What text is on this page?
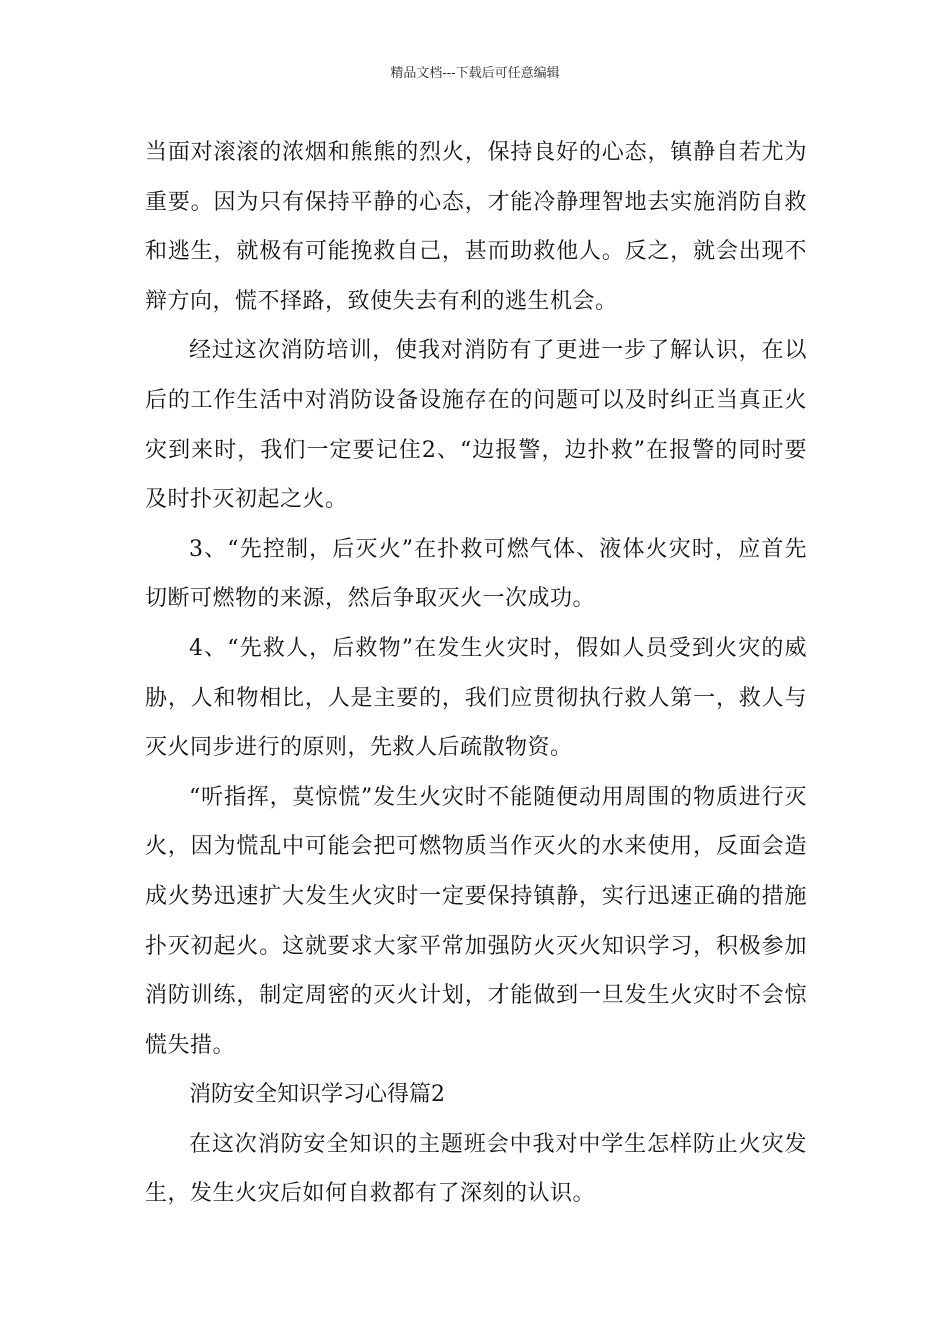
精品文档---下载后可任意编辑

当面对滚滚的浓烟和熊熊的烈火，保持良好的心态，镇静自若尤为重要。因为只有保持平静的心态，才能冷静理智地去实施消防自救和逃生，就极有可能挽救自己，甚而助救他人。反之，就会出现不辩方向，慌不择路，致使失去有利的逃生机会。

经过这次消防培训，使我对消防有了更进一步了解认识，在以后的工作生活中对消防设备设施存在的问题可以及时纠正当真正火灾到来时，我们一定要记住2、“边报警，边扑救”在报警的同时要及时扑灭初起之火。

3、“先控制，后灭火”在扑救可燃气体、液体火灾时，应首先切断可燃物的来源，然后争取灭火一次成功。

4、“先救人，后救物”在发生火灾时，假如人员受到火灾的威胁，人和物相比，人是主要的，我们应贯彻执行救人第一，救人与灭火同步进行的原则，先救人后疏散物资。

“听指挥，莫惊慌”发生火灾时不能随便动用周围的物质进行灭火，因为慌乱中可能会把可燃物质当作灭火的水来使用，反面会造成火势迅速扩大发生火灾时一定要保持镇静，实行迅速正确的措施扑灭初起火。这就要求大家平常加强防火灭火知识学习，积极参加消防训练，制定周密的灭火计划，才能做到一旦发生火灾时不会惊慌失措。

消防安全知识学习心得篇2

在这次消防安全知识的主题班会中我对中学生怎样防止火灾发生，发生火灾后如何自救都有了深刻的认识。
